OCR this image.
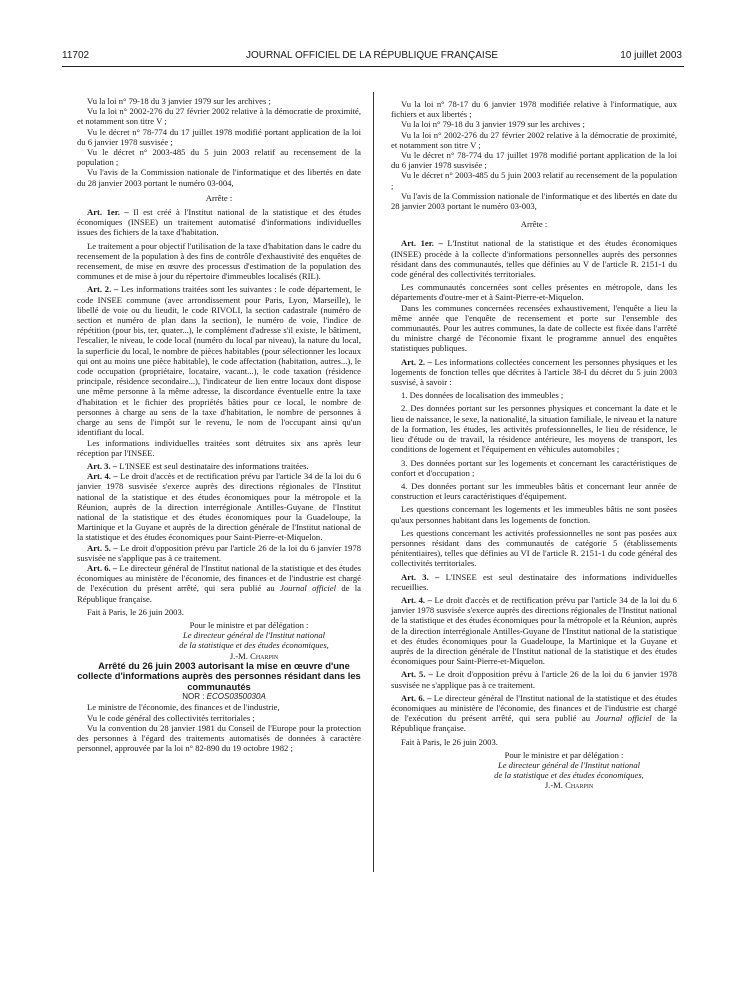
11702	JOURNAL OFFICIEL DE LA RÉPUBLIQUE FRANÇAISE	10 juillet 2003

Vu la loi n° 79-18 du 3 janvier 1979 sur les archives ;

Vu la loi n° 2002-276 du 27 février 2002 relative à la démocratie de proximité, et notamment son titre V ;

Vu le décret n° 78-774 du 17 juillet 1978 modifié portant application de la loi du 6 janvier 1978 susvisée ;

Vu le décret n° 2003-485 du 5 juin 2003 relatif au recensement de la population ;

Vu l'avis de la Commission nationale de l'informatique et des libertés en date du 28 janvier 2003 portant le numéro 03-004,

Arrête :

Art. 1er. – Il est créé à l'Institut national de la statistique et des études économiques (INSEE) un traitement automatisé d'informations individuelles issues des fichiers de la taxe d'habitation.

Le traitement a pour objectif l'utilisation de la taxe d'habitation dans le cadre du recensement de la population à des fins de contrôle d'exhaustivité des enquêtes de recensement, de mise en œuvre des processus d'estimation de la population des communes et de mise à jour du répertoire d'immeubles localisés (RIL).

Art. 2. – Les informations traitées sont les suivantes : le code département, le code INSEE commune (avec arrondissement pour Paris, Lyon, Marseille), le libellé de voie ou du lieudit, le code RIVOLI, la section cadastrale (numéro de section et numéro de plan dans la section), le numéro de voie, l'indice de répétition (pour bis, ter, quater...), le complément d'adresse s'il existe, le bâtiment, l'escalier, le niveau, le code local (numéro du local par niveau), la nature du local, la superficie du local, le nombre de pièces habitables (pour sélectionner les locaux qui ont au moins une pièce habitable), le code affectation (habitation, autres...), le code occupation (propriétaire, locataire, vacant...), le code taxation (résidence principale, résidence secondaire...), l'indicateur de lien entre locaux dont dispose une même personne à la même adresse, la discordance éventuelle entre la taxe d'habitation et le fichier des propriétés bâties pour ce local, le nombre de personnes à charge au sens de la taxe d'habitation, le nombre de personnes à charge au sens de l'impôt sur le revenu, le nom de l'occupant ainsi qu'un identifiant du local.

Les informations individuelles traitées sont détruites six ans après leur réception par l'INSEE.

Art. 3. – L'INSEE est seul destinataire des informations traitées.

Art. 4. – Le droit d'accès et de rectification prévu par l'article 34 de la loi du 6 janvier 1978 susvisée s'exerce auprès des directions régionales de l'Institut national de la statistique et des études économiques pour la métropole et la Réunion, auprès de la direction interrégionale Antilles-Guyane de l'Institut national de la statistique et des études économiques pour la Guadeloupe, la Martinique et la Guyane et auprès de la direction générale de l'Institut national de la statistique et des études économiques pour Saint-Pierre-et-Miquelon.

Art. 5. – Le droit d'opposition prévu par l'article 26 de la loi du 6 janvier 1978 susvisée ne s'applique pas à ce traitement.

Art. 6. – Le directeur général de l'Institut national de la statistique et des études économiques au ministère de l'économie, des finances et de l'industrie est chargé de l'exécution du présent arrêté, qui sera publié au Journal officiel de la République française.

Fait à Paris, le 26 juin 2003.

Pour le ministre et par délégation :

Le directeur général de l'Institut national

de la statistique et des études économiques,

J.-M. Charpin

Arrêté du 26 juin 2003 autorisant la mise en œuvre d'une collecte d'informations auprès des personnes résidant dans les communautés

NOR : ECOS0350030A

Le ministre de l'économie, des finances et de l'industrie,

Vu le code général des collectivités territoriales ;

Vu la convention du 28 janvier 1981 du Conseil de l'Europe pour la protection des personnes à l'égard des traitements automatisés de données à caractère personnel, approuvée par la loi n° 82-890 du 19 octobre 1982 ;

Vu la loi n° 78-17 du 6 janvier 1978 modifiée relative à l'informatique, aux fichiers et aux libertés ;

Vu la loi n° 79-18 du 3 janvier 1979 sur les archives ;

Vu la loi n° 2002-276 du 27 février 2002 relative à la démocratie de proximité, et notamment son titre V ;

Vu le décret n° 78-774 du 17 juillet 1978 modifié portant application de la loi du 6 janvier 1978 susvisée ;

Vu le décret n° 2003-485 du 5 juin 2003 relatif au recensement de la population ;

Vu l'avis de la Commission nationale de l'informatique et des libertés en date du 28 janvier 2003 portant le numéro 03-003,

Arrête :

Art. 1er. – L'Institut national de la statistique et des études économiques (INSEE) procède à la collecte d'informations personnelles auprès des personnes résidant dans des communautés, telles que définies au V de l'article R. 2151-1 du code général des collectivités territoriales.

Les communautés concernées sont celles présentes en métropole, dans les départements d'outre-mer et à Saint-Pierre-et-Miquelon.

Dans les communes concernées recensées exhaustivement, l'enquête a lieu la même année que l'enquête de recensement et porte sur l'ensemble des communautés. Pour les autres communes, la date de collecte est fixée dans l'arrêté du ministre chargé de l'économie fixant le programme annuel des enquêtes statistiques publiques.

Art. 2. – Les informations collectées concernent les personnes physiques et les logements de fonction telles que décrites à l'article 38-I du décret du 5 juin 2003 susvisé, à savoir :

1. Des données de localisation des immeubles ;

2. Des données portant sur les personnes physiques et concernant la date et le lieu de naissance, le sexe, la nationalité, la situation familiale, le niveau et la nature de la formation, les études, les activités professionnelles, le lieu de résidence, le lieu d'étude ou de travail, la résidence antérieure, les moyens de transport, les conditions de logement et l'équipement en véhicules automobiles ;

3. Des données portant sur les logements et concernant les caractéristiques de confort et d'occupation ;

4. Des données portant sur les immeubles bâtis et concernant leur année de construction et leurs caractéristiques d'équipement.

Les questions concernant les logements et les immeubles bâtis ne sont posées qu'aux personnes habitant dans les logements de fonction.

Les questions concernant les activités professionnelles ne sont pas posées aux personnes résidant dans des communautés de catégorie 5 (établissements pénitentiaires), telles que définies au VI de l'article R. 2151-1 du code général des collectivités territoriales.

Art. 3. – L'INSEE est seul destinataire des informations individuelles recueillies.

Art. 4. – Le droit d'accès et de rectification prévu par l'article 34 de la loi du 6 janvier 1978 susvisée s'exerce auprès des directions régionales de l'Institut national de la statistique et des études économiques pour la métropole et la Réunion, auprès de la direction interrégionale Antilles-Guyane de l'Institut national de la statistique et des études économiques pour la Guadeloupe, la Martinique et la Guyane et auprès de la direction générale de l'Institut national de la statistique et des études économiques pour Saint-Pierre-et-Miquelon.

Art. 5. – Le droit d'opposition prévu à l'article 26 de la loi du 6 janvier 1978 susvisée ne s'applique pas à ce traitement.

Art. 6. – Le directeur général de l'Institut national de la statistique et des études économiques au ministère de l'économie, des finances et de l'industrie est chargé de l'exécution du présent arrêté, qui sera publié au Journal officiel de la République française.

Fait à Paris, le 26 juin 2003.

Pour le ministre et par délégation :

Le directeur général de l'Institut national

de la statistique et des études économiques,

J.-M. Charpin
